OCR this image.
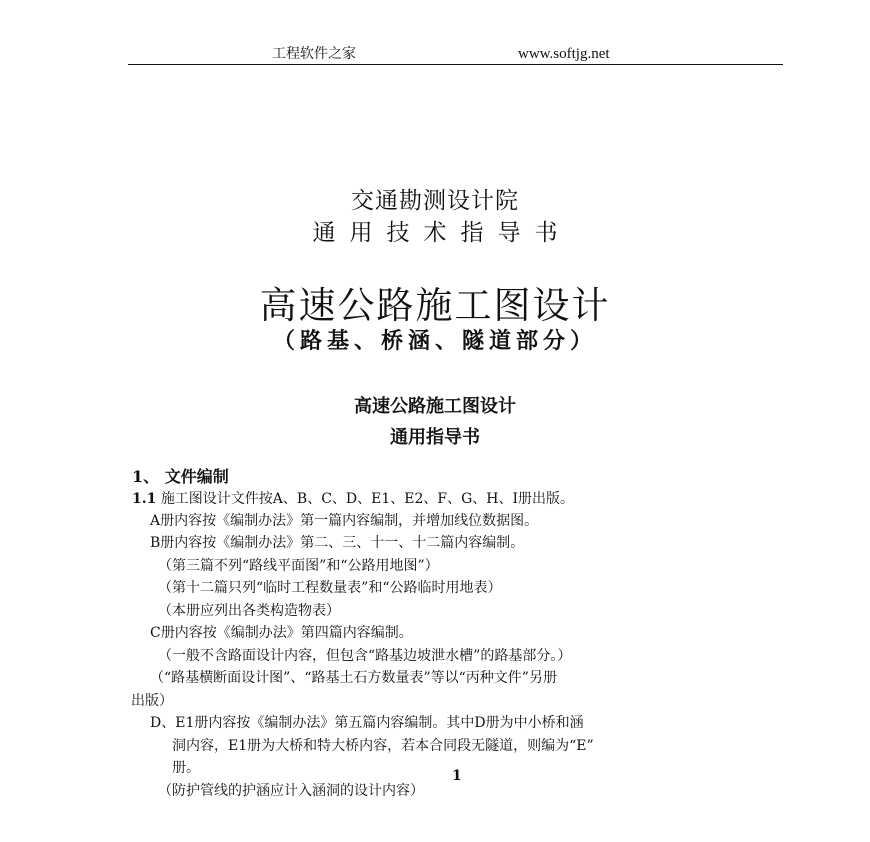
工程软件之家	www.softjg.net
交通勘测设计院
通用技术指导书
高速公路施工图设计
（路基、桥涵、隧道部分）
高速公路施工图设计
通用指导书
1、 文件编制
1.1 施工图设计文件按A、B、C、D、E1、E2、F、G、H、I册出版。
A册内容按《编制办法》第一篇内容编制，并增加线位数据图。
B册内容按《编制办法》第二、三、十一、十二篇内容编制。
（第三篇不列“路线平面图”和“公路用地图”）
（第十二篇只列“临时工程数量表”和“公路临时用地表）
（本册应列出各类构造物表）
C册内容按《编制办法》第四篇内容编制。
（一般不含路面设计内容，但包含“路基边坡泄水槽”的路基部分。）
（“路基横断面设计图”、“路基土石方数量表”等以“丙种文件”另册
出版）
D、E1册内容按《编制办法》第五篇内容编制。其中D册为中小桥和涵
洞内容，E1册为大桥和特大桥内容，若本合同段无隧道，则编为“E”
册。
（防护管线的护涵应计入涵洞的设计内容）
1
